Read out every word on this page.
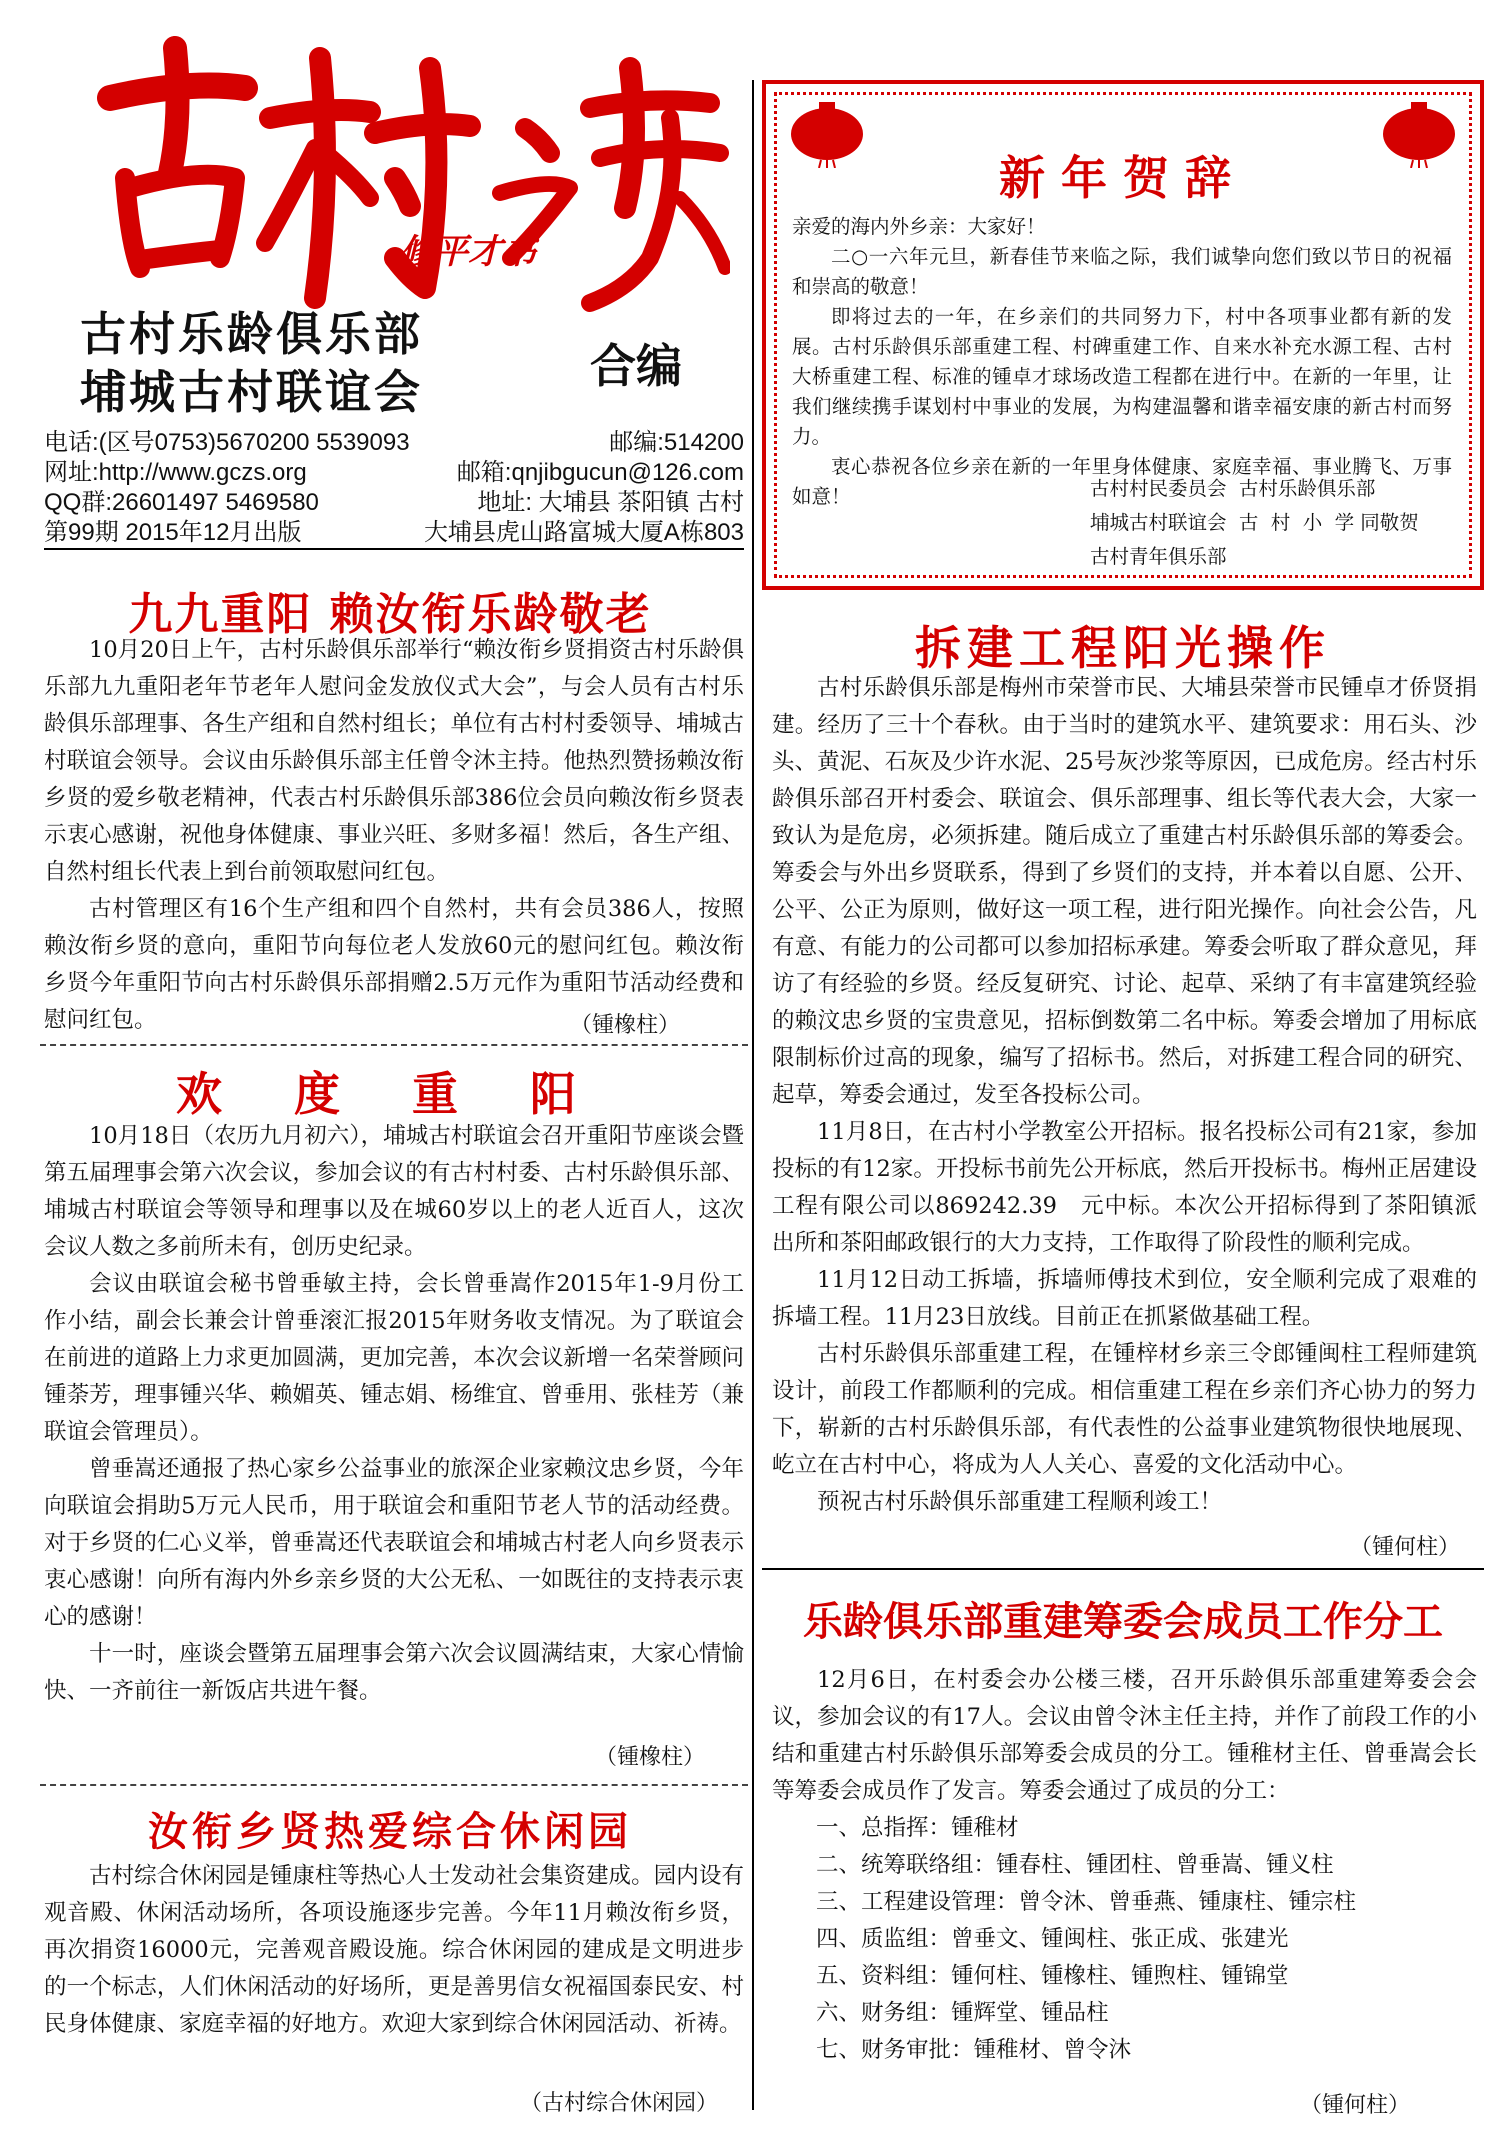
修平才书
古村乐龄俱乐部
埔城古村联谊会	合编
电话:(区号0753)5670200 5539093	邮编:514200
网址:http://www.gczs.org	邮箱:qnjibgucun@126.com
QQ群:26601497 5469580	地址: 大埔县 茶阳镇 古村
第99期 2015年12月出版	大埔县虎山路富城大厦A栋803
新年贺辞

亲爱的海内外乡亲：大家好！

二○一六年元旦，新春佳节来临之际，我们诚挚向您们致以节日的祝福和崇高的敬意！

即将过去的一年，在乡亲们的共同努力下，村中各项事业都有新的发展。古村乐龄俱乐部重建工程、村碑重建工作、自来水补充水源工程、古村大桥重建工程、标准的锺卓才球场改造工程都在进行中。在新的一年里，让我们继续携手谋划村中事业的发展，为构建温馨和谐幸福安康的新古村而努力。

衷心恭祝各位乡亲在新的一年里身体健康、家庭幸福、事业腾飞、万事如意！	古村村民委员会  古村乐龄俱乐部
埔城古村联谊会  古  村  小  学 同敬贺
古村青年俱乐部
九九重阳 赖汝衔乐龄敬老

10月20日上午，古村乐龄俱乐部举行“赖汝衔乡贤捐资古村乐龄俱乐部九九重阳老年节老年人慰问金发放仪式大会”，与会人员有古村乐龄俱乐部理事、各生产组和自然村组长；单位有古村村委领导、埔城古村联谊会领导。会议由乐龄俱乐部主任曾令沐主持。他热烈赞扬赖汝衔乡贤的爱乡敬老精神，代表古村乐龄俱乐部386位会员向赖汝衔乡贤表示衷心感谢，祝他身体健康、事业兴旺、多财多福！然后，各生产组、自然村组长代表上到台前领取慰问红包。

古村管理区有16个生产组和四个自然村，共有会员386人，按照赖汝衔乡贤的意向，重阳节向每位老人发放60元的慰问红包。赖汝衔乡贤今年重阳节向古村乐龄俱乐部捐赠2.5万元作为重阳节活动经费和慰问红包。	（锺橡柱）
欢 度 重 阳

10月18日（农历九月初六），埔城古村联谊会召开重阳节座谈会暨第五届理事会第六次会议，参加会议的有古村村委、古村乐龄俱乐部、埔城古村联谊会等领导和理事以及在城60岁以上的老人近百人，这次会议人数之多前所未有，创历史纪录。

会议由联谊会秘书曾垂敏主持，会长曾垂嵩作2015年1-9月份工作小结，副会长兼会计曾垂滚汇报2015年财务收支情况。为了联谊会在前进的道路上力求更加圆满，更加完善，本次会议新增一名荣誉顾问锺荼芳，理事锺兴华、赖媚英、锺志娟、杨维宜、曾垂用、张桂芳（兼联谊会管理员）。

曾垂嵩还通报了热心家乡公益事业的旅深企业家赖汶忠乡贤，今年向联谊会捐助5万元人民币，用于联谊会和重阳节老人节的活动经费。对于乡贤的仁心义举，曾垂嵩还代表联谊会和埔城古村老人向乡贤表示衷心感谢！向所有海内外乡亲乡贤的大公无私、一如既往的支持表示衷心的感谢！

十一时，座谈会暨第五届理事会第六次会议圆满结束，大家心情愉快、一齐前往一新饭店共进午餐。

（锺橡柱）
汝衔乡贤热爱综合休闲园

古村综合休闲园是锺康柱等热心人士发动社会集资建成。园内设有观音殿、休闲活动场所，各项设施逐步完善。今年11月赖汝衔乡贤，再次捐资16000元，完善观音殿设施。综合休闲园的建成是文明进步的一个标志，人们休闲活动的好场所，更是善男信女祝福国泰民安、村民身体健康、家庭幸福的好地方。欢迎大家到综合休闲园活动、祈祷。

（古村综合休闲园）
拆建工程阳光操作

古村乐龄俱乐部是梅州市荣誉市民、大埔县荣誉市民锺卓才侨贤捐建。经历了三十个春秋。由于当时的建筑水平、建筑要求：用石头、沙头、黄泥、石灰及少许水泥、25号灰沙浆等原因，已成危房。经古村乐龄俱乐部召开村委会、联谊会、俱乐部理事、组长等代表大会，大家一致认为是危房，必须拆建。随后成立了重建古村乐龄俱乐部的筹委会。筹委会与外出乡贤联系，得到了乡贤们的支持，并本着以自愿、公开、公平、公正为原则，做好这一项工程，进行阳光操作。向社会公告，凡有意、有能力的公司都可以参加招标承建。筹委会听取了群众意见，拜访了有经验的乡贤。经反复研究、讨论、起草、采纳了有丰富建筑经验的赖汶忠乡贤的宝贵意见，招标倒数第二名中标。筹委会增加了用标底限制标价过高的现象，编写了招标书。然后，对拆建工程合同的研究、起草，筹委会通过，发至各投标公司。

11月8日，在古村小学教室公开招标。报名投标公司有21家，参加投标的有12家。开投标书前先公开标底，然后开投标书。梅州正居建设工程有限公司以869242.39　元中标。本次公开招标得到了茶阳镇派出所和茶阳邮政银行的大力支持，工作取得了阶段性的顺利完成。

11月12日动工拆墙，拆墙师傅技术到位，安全顺利完成了艰难的拆墙工程。11月23日放线。目前正在抓紧做基础工程。

古村乐龄俱乐部重建工程，在锺梓材乡亲三令郎锺闽柱工程师建筑设计，前段工作都顺利的完成。相信重建工程在乡亲们齐心协力的努力下，崭新的古村乐龄俱乐部，有代表性的公益事业建筑物很快地展现、屹立在古村中心，将成为人人关心、喜爱的文化活动中心。

预祝古村乐龄俱乐部重建工程顺利竣工！

（锺何柱）
乐龄俱乐部重建筹委会成员工作分工

12月6日，在村委会办公楼三楼，召开乐龄俱乐部重建筹委会会议，参加会议的有17人。会议由曾令沐主任主持，并作了前段工作的小结和重建古村乐龄俱乐部筹委会成员的分工。锺稚材主任、曾垂嵩会长等筹委会成员作了发言。筹委会通过了成员的分工：

一、总指挥：锺稚材
二、统筹联络组：锺春柱、锺团柱、曾垂嵩、锺义柱
三、工程建设管理：曾令沐、曾垂燕、锺康柱、锺宗柱
四、质监组：曾垂文、锺闽柱、张正成、张建光
五、资料组：锺何柱、锺橡柱、锺煦柱、锺锦堂
六、财务组：锺辉堂、锺品柱
七、财务审批：锺稚材、曾令沐
（锺何柱）
